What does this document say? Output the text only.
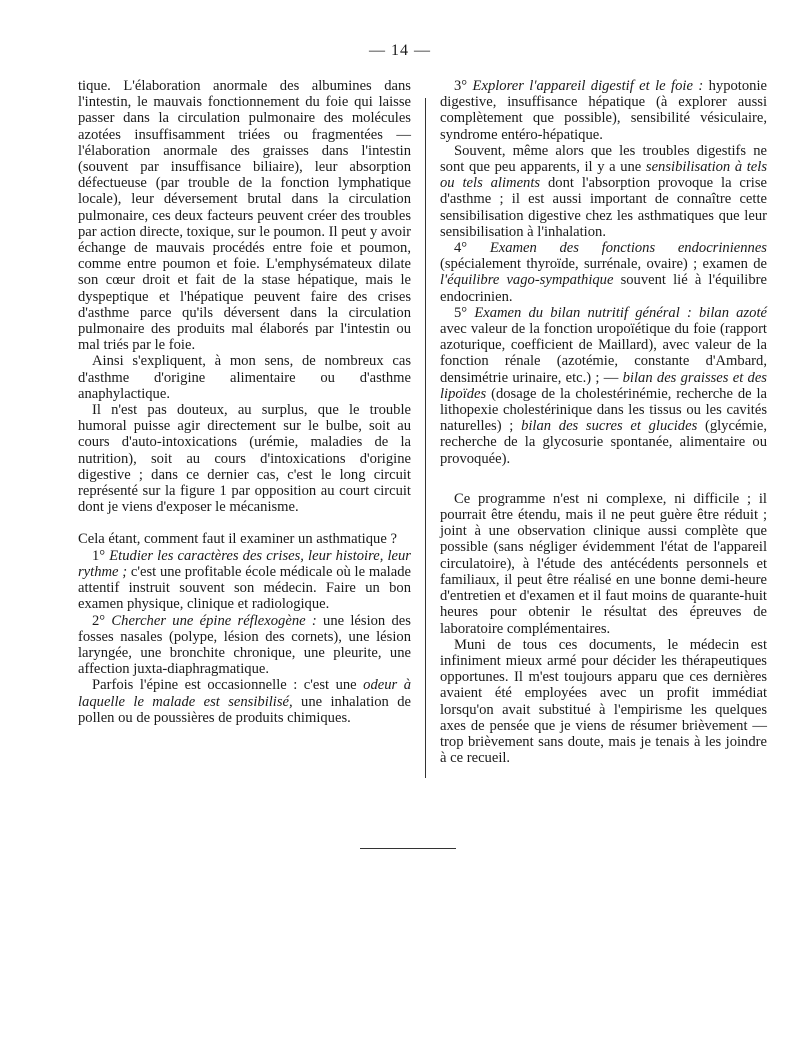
— 14 —

tique. L'élaboration anormale des albumines dans l'intestin, le mauvais fonctionnement du foie qui laisse passer dans la circulation pulmonaire des molécules azotées insuffisamment triées ou fragmentées — l'élaboration anormale des graisses dans l'intestin (souvent par insuffisance biliaire), leur absorption défectueuse (par trouble de la fonction lymphatique locale), leur déversement brutal dans la circulation pulmonaire, ces deux facteurs peuvent créer des troubles par action directe, toxique, sur le poumon. Il peut y avoir échange de mauvais procédés entre foie et poumon, comme entre poumon et foie. L'emphysémateux dilate son cœur droit et fait de la stase hépatique, mais le dyspeptique et l'hépatique peuvent faire des crises d'asthme parce qu'ils déversent dans la circulation pulmonaire des produits mal élaborés par l'intestin ou mal triés par le foie.

Ainsi s'expliquent, à mon sens, de nombreux cas d'asthme d'origine alimentaire ou d'asthme anaphylactique.

Il n'est pas douteux, au surplus, que le trouble humoral puisse agir directement sur le bulbe, soit au cours d'auto-intoxications (urémie, maladies de la nutrition), soit au cours d'intoxications d'origine digestive ; dans ce dernier cas, c'est le long circuit représenté sur la figure 1 par opposition au court circuit dont je viens d'exposer le mécanisme.

Cela étant, comment faut il examiner un asthmatique ?

1° Etudier les caractères des crises, leur histoire, leur rythme ; c'est une profitable école médicale où le malade attentif instruit souvent son médecin. Faire un bon examen physique, clinique et radiologique.

2° Chercher une épine réflexogène : une lésion des fosses nasales (polype, lésion des cornets), une lésion laryngée, une bronchite chronique, une pleurite, une affection juxta-diaphragmatique.

Parfois l'épine est occasionnelle : c'est une odeur à laquelle le malade est sensibilisé, une inhalation de pollen ou de poussières de produits chimiques.

3° Explorer l'appareil digestif et le foie : hypotonie digestive, insuffisance hépatique (à explorer aussi complètement que possible), sensibilité vésiculaire, syndrome entéro-hépatique.

Souvent, même alors que les troubles digestifs ne sont que peu apparents, il y a une sensibilisation à tels ou tels aliments dont l'absorption provoque la crise d'asthme ; il est aussi important de connaître cette sensibilisation digestive chez les asthmatiques que leur sensibilisation à l'inhalation.

4° Examen des fonctions endocriniennes (spécialement thyroïde, surrénale, ovaire) ; examen de l'équilibre vago-sympathique souvent lié à l'équilibre endocrinien.

5° Examen du bilan nutritif général : bilan azoté avec valeur de la fonction uropoïétique du foie (rapport azoturique, coefficient de Maillard), avec valeur de la fonction rénale (azotémie, constante d'Ambard, densimétrie urinaire, etc.) ; — bilan des graisses et des lipoïdes (dosage de la cholestérinémie, recherche de la lithopexie cholestérinique dans les tissus ou les cavités naturelles) ; bilan des sucres et glucides (glycémie, recherche de la glycosurie spontanée, alimentaire ou provoquée).

Ce programme n'est ni complexe, ni difficile ; il pourrait être étendu, mais il ne peut guère être réduit ; joint à une observation clinique aussi complète que possible (sans négliger évidemment l'état de l'appareil circulatoire), à l'étude des antécédents personnels et familiaux, il peut être réalisé en une bonne demi-heure d'entretien et d'examen et il faut moins de quarante-huit heures pour obtenir le résultat des épreuves de laboratoire complémentaires.

Muni de tous ces documents, le médecin est infiniment mieux armé pour décider les thérapeutiques opportunes. Il m'est toujours apparu que ces dernières avaient été employées avec un profit immédiat lorsqu'on avait substitué à l'empirisme les quelques axes de pensée que je viens de résumer brièvement — trop brièvement sans doute, mais je tenais à les joindre à ce recueil.
